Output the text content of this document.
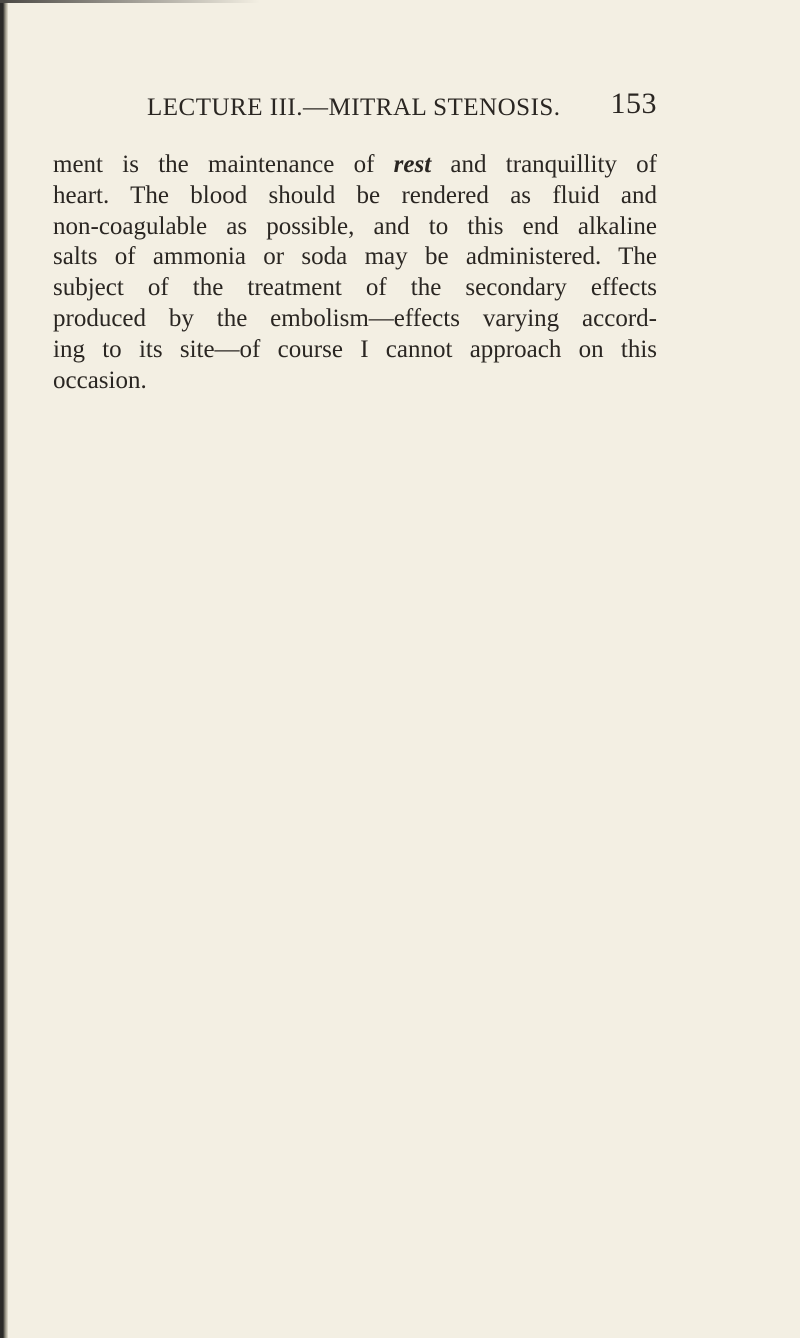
LECTURE III.—MITRAL STENOSIS. 153
ment is the maintenance of rest and tranquillity of
heart. The blood should be rendered as fluid and
non-coagulable as possible, and to this end alkaline
salts of ammonia or soda may be administered. The
subject of the treatment of the secondary effects
produced by the embolism—effects varying accord-
ing to its site—of course I cannot approach on this
occasion.
